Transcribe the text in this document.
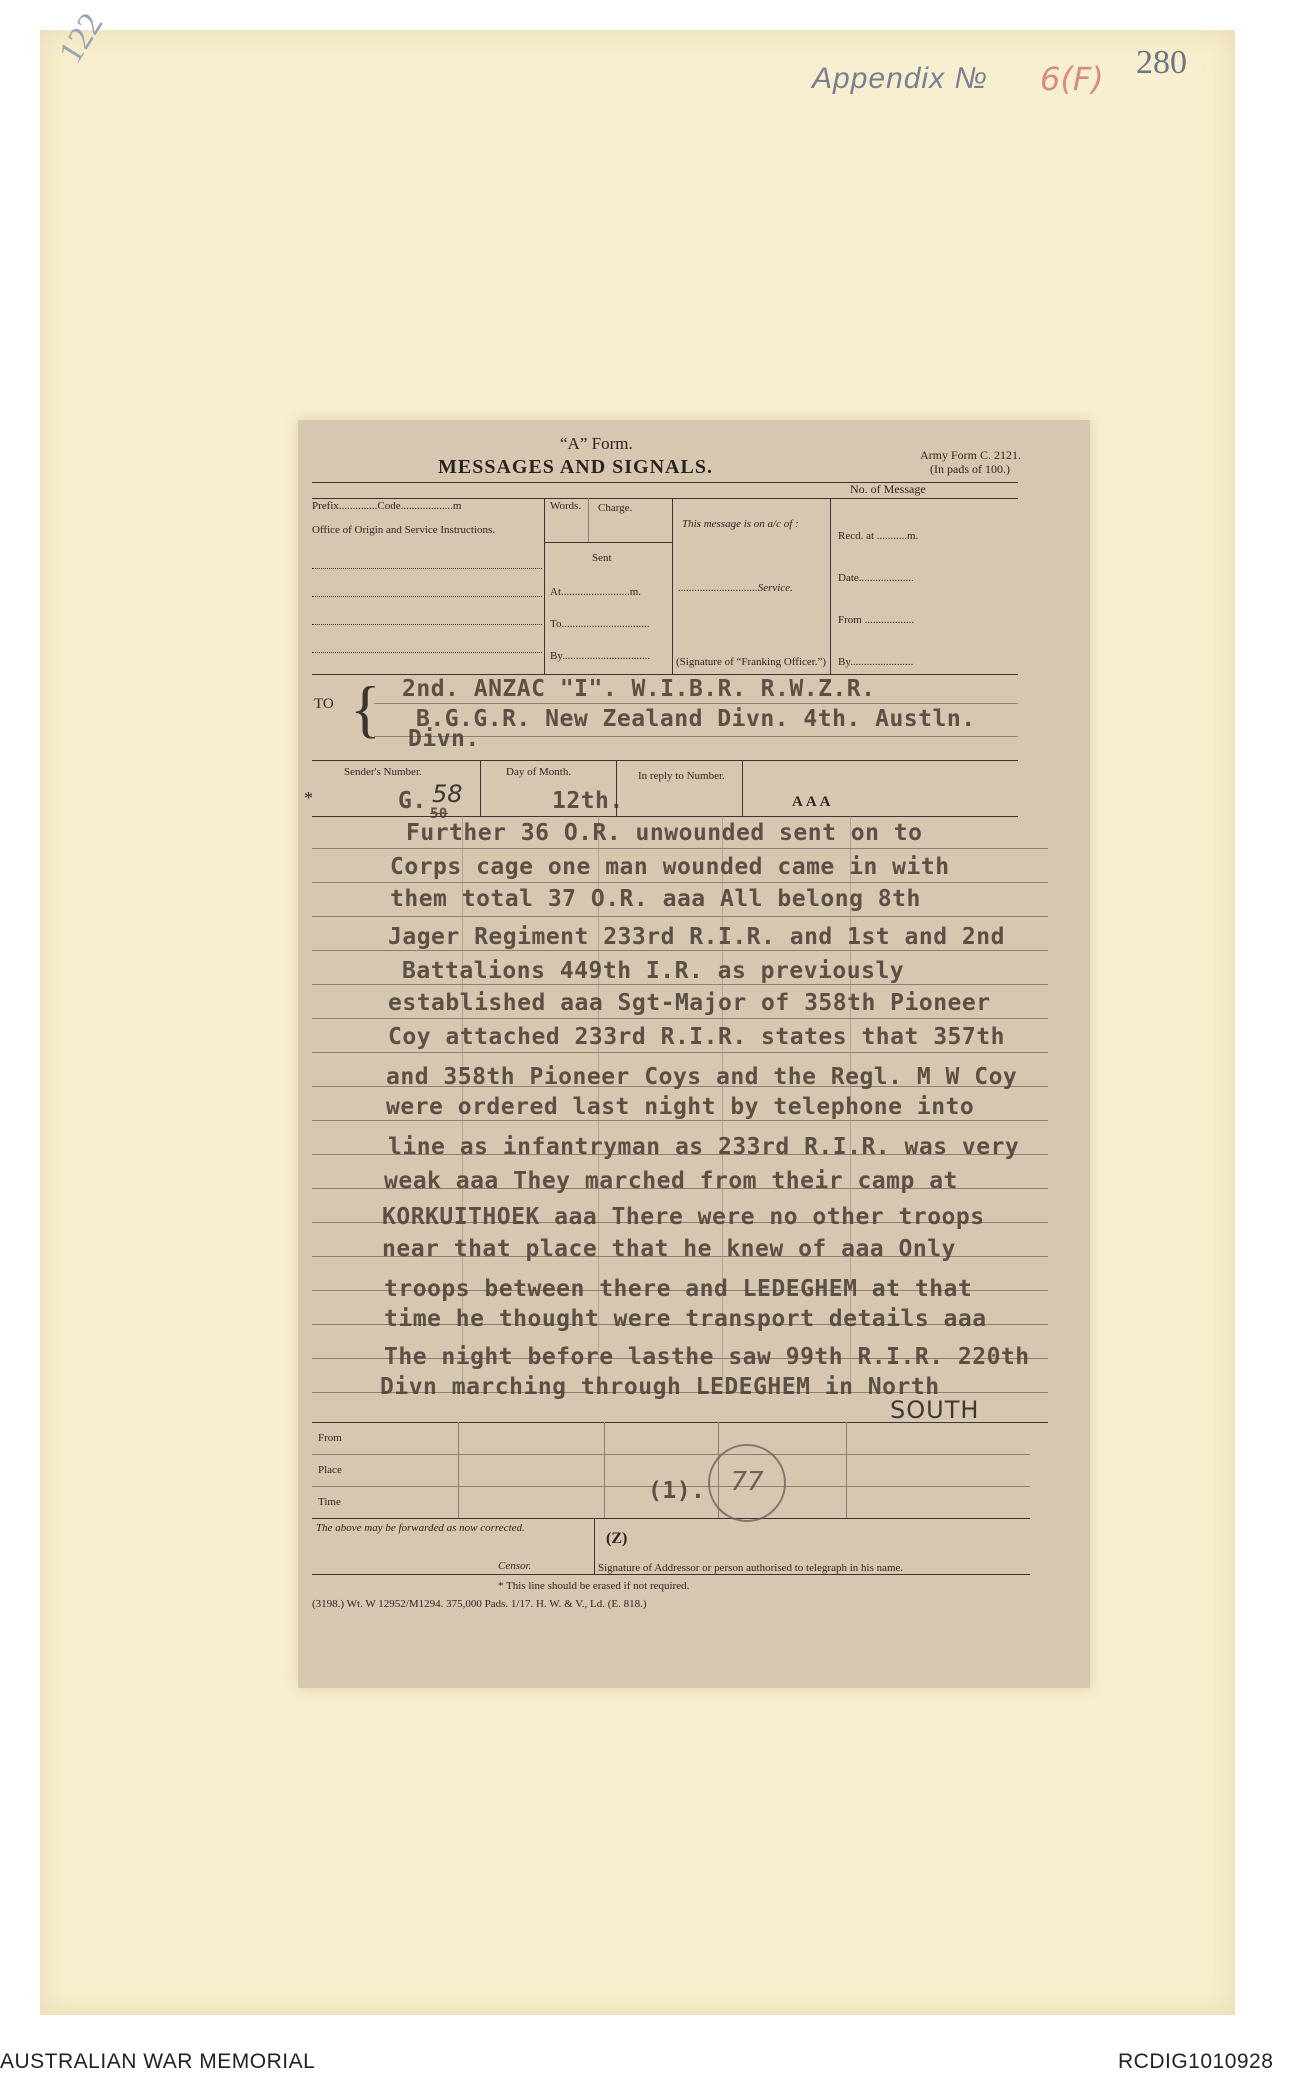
122
Appendix № 6(F) 280
“A” Form.
MESSAGES AND SIGNALS.
Army Form C. 2121.
(In pads of 100.)
No. of Message
Prefix..............Code...................m
Office of Origin and Service Instructions.
Words. Charge.
Sent
At.........................m.
To................................
By................................
This message is on a/c of :
.............................Service.
(Signature of “Franking Officer.”)
Recd. at ...........m.
Date....................
From ..................
By.......................
TO { 2nd. ANZAC "I". W.I.B.R. R.W.Z.R.
B.G.G.R. New Zealand Divn. 4th. Austln.
Divn.
Sender's Number.
*	G. 58
50
Day of Month.
12th.
In reply to Number.
AAA
Further 36 O.R. unwounded sent on to
Corps cage one man wounded came in with
them total 37 O.R. aaa All belong 8th
Jager Regiment 233rd R.I.R. and 1st and 2nd
Battalions 449th I.R. as previously
established aaa Sgt-Major of 358th Pioneer
Coy attached 233rd R.I.R. states that 357th
and 358th Pioneer Coys and the Regl. M W Coy
were ordered last night by telephone into
line as infantryman as 233rd R.I.R. was very
weak aaa They marched from their camp at
KORKUITHOEK aaa There were no other troops
near that place that he knew of aaa Only
troops between there and LEDEGHEM at that
time he thought were transport details aaa
The night before lasthe saw 99th R.I.R. 220th
Divn marching through LEDEGHEM in North
SOUTH
From
Place
Time	(1). 77
The above may be forwarded as now corrected.
(Z)
Censor.	Signature of Addressor or person authorised to telegraph in his name.
* This line should be erased if not required.
(3198.) Wt. W 12952/M1294. 375,000 Pads. 1/17. H. W. & V., Ld. (E. 818.)
AUSTRALIAN WAR MEMORIAL	RCDIG1010928
